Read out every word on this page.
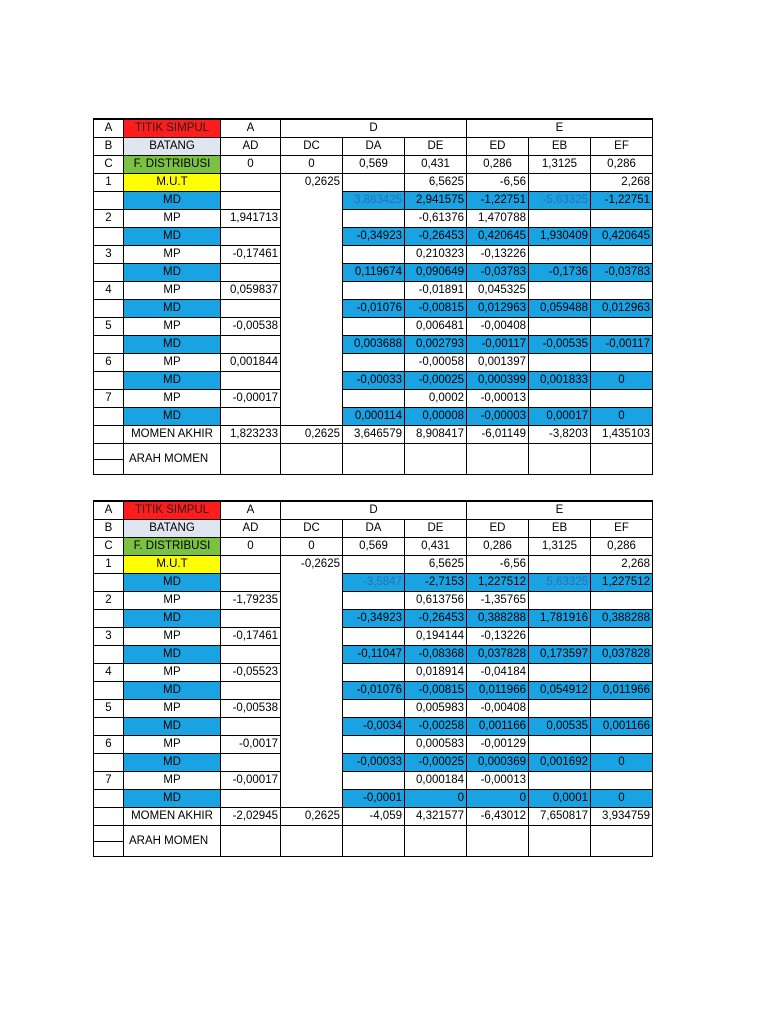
A	TITIK SIMPUL	A	D			E		
B	BATANG	AD	DC	DA	DE	ED	EB	EF
C	F. DISTRIBUSI	0	0	0,569	0,431	0,286	1,3125	0,286
1	M.U.T		0,2625		6,5625	-6,56		2,268
	MD			3,883425	2,941575	-1,22751	-5,63325	-1,22751
2	MP	1,941713			-0,61376	1,470788		
	MD			-0,34923	-0,26453	0,420645	1,930409	0,420645
3	MP	-0,17461			0,210323	-0,13226		
	MD			0,119674	0,090649	-0,03783	-0,1736	-0,03783
4	MP	0,059837			-0,01891	0,045325		
	MD			-0,01076	-0,00815	0,012963	0,059488	0,012963
5	MP	-0,00538			0,006481	-0,00408		
	MD			0,003688	0,002793	-0,00117	-0,00535	-0,00117
6	MP	0,001844			-0,00058	0,001397		
	MD			-0,00033	-0,00025	0,000399	0,001833	0
7	MP	-0,00017			0,0002	-0,00013		
	MD			0,000114	0,00008	-0,00003	0,00017	0
	MOMEN AKHIR	1,823233	0,2625	3,646579	8,908417	-6,01149	-3,8203	1,435103

	ARAH MOMEN							
A	TITIK SIMPUL	A	D			E		
B	BATANG	AD	DC	DA	DE	ED	EB	EF
C	F. DISTRIBUSI	0	0	0,569	0,431	0,286	1,3125	0,286
1	M.U.T		-0,2625		6,5625	-6,56		2,268
	MD			-3,5847	-2,7153	1,227512	5,63325	1,227512
2	MP	-1,79235			0,613756	-1,35765		
	MD			-0,34923	-0,26453	0,388288	1,781916	0,388288
3	MP	-0,17461			0,194144	-0,13226		
	MD			-0,11047	-0,08368	0,037828	0,173597	0,037828
4	MP	-0,05523			0,018914	-0,04184		
	MD			-0,01076	-0,00815	0,011966	0,054912	0,011966
5	MP	-0,00538			0,005983	-0,00408		
	MD			-0,0034	-0,00258	0,001166	0,00535	0,001166
6	MP	-0,0017			0,000583	-0,00129		
	MD			-0,00033	-0,00025	0,000369	0,001692	0
7	MP	-0,00017			0,000184	-0,00013		
	MD			-0,0001	0	0	0,0001	0
	MOMEN AKHIR	-2,02945	0,2625	-4,059	4,321577	-6,43012	7,650817	3,934759

	ARAH MOMEN							
